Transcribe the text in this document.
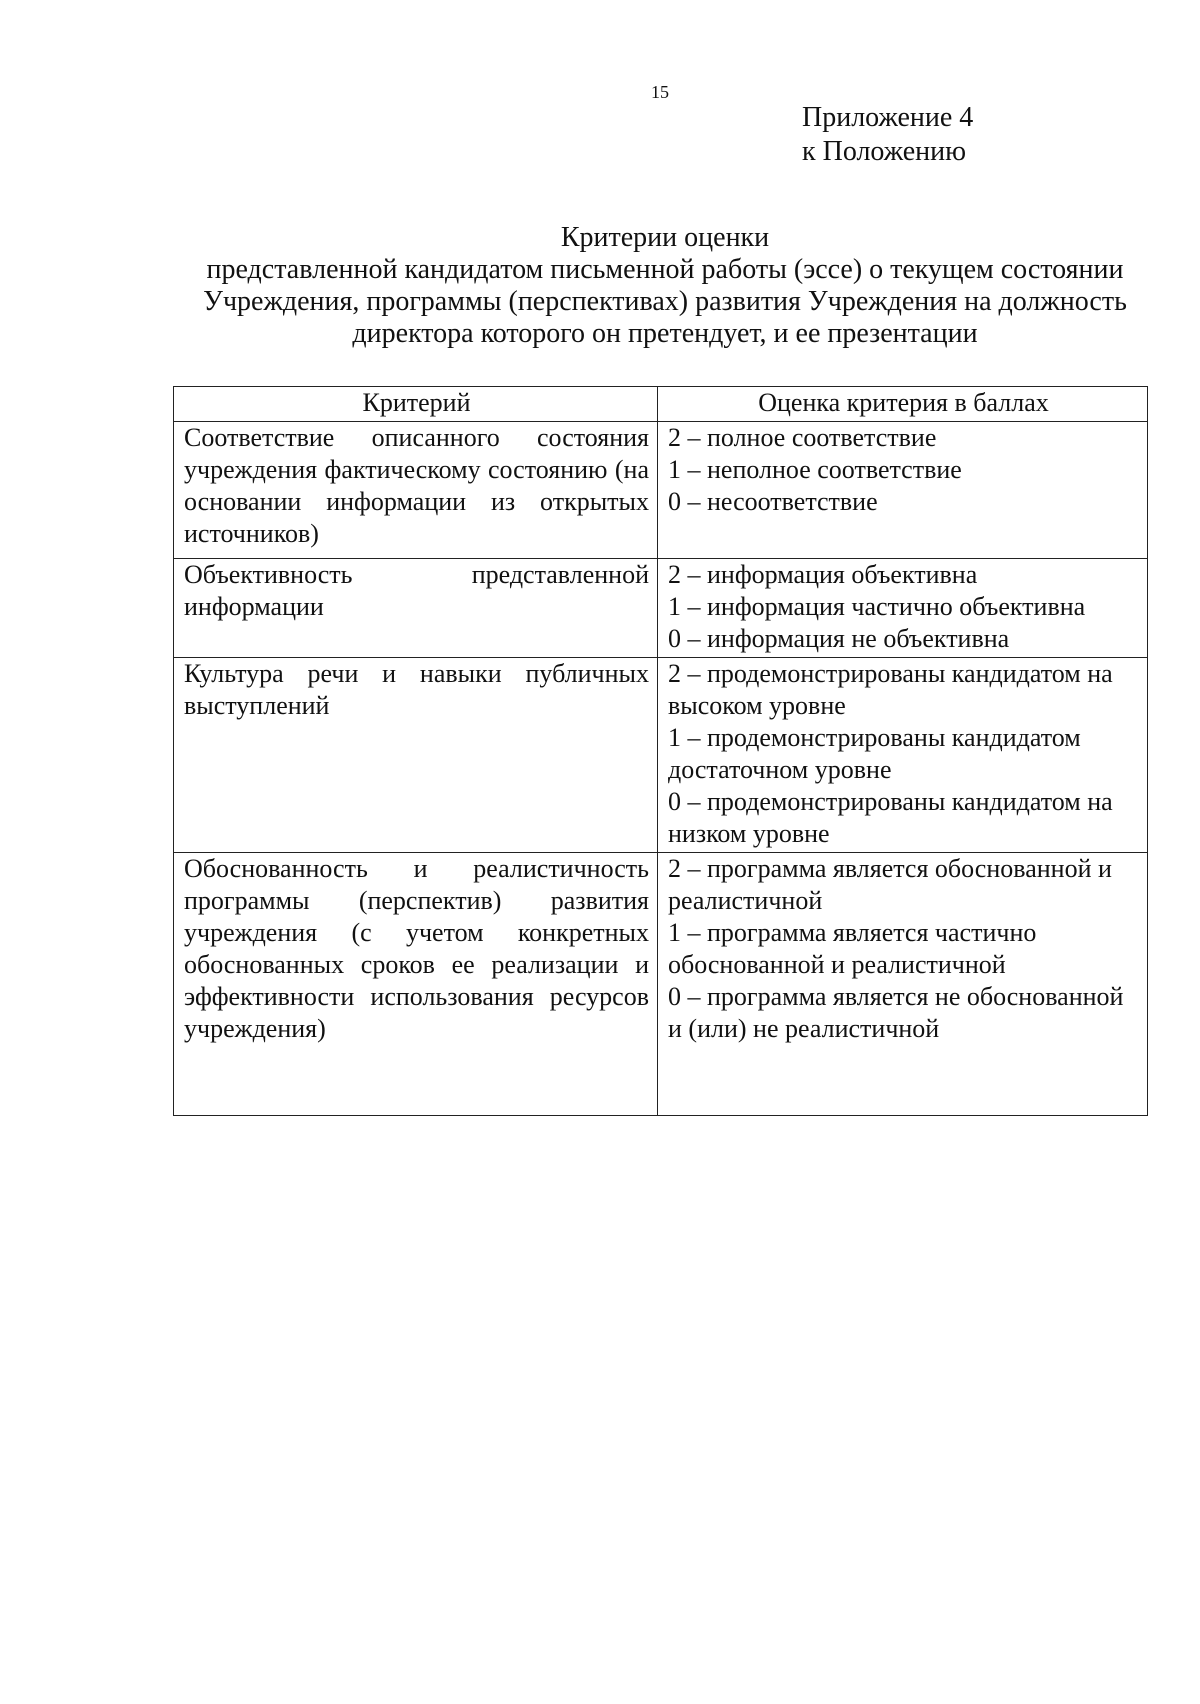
15
Приложение 4
к Положению
Критерии оценки
представленной кандидатом письменной работы (эссе) о текущем состоянии
Учреждения, программы (перспективах) развития Учреждения на должность
директора которого он претендует, и ее презентации
Критерий	Оценка критерия в баллах

Соответствие описанного состояния учреждения фактическому состоянию (на основании информации из открытых источников)	2 – полное соответствие
1 – неполное соответствие
0 – несоответствие

Объективность представленной информации	2 – информация объективна
1 – информация частично объективна
0 – информация не объективна

Культура речи и навыки публичных выступлений	2 – продемонстрированы кандидатом на высоком уровне
1 – продемонстрированы кандидатом достаточном уровне
0 – продемонстрированы кандидатом на низком уровне

Обоснованность и реалистичность программы (перспектив) развития учреждения (с учетом конкретных обоснованных сроков ее реализации и эффективности использования ресурсов учреждения)	2 – программа является обоснованной и реалистичной
1 – программа является частично обоснованной и реалистичной
0 – программа является не обоснованной и (или) не реалистичной
